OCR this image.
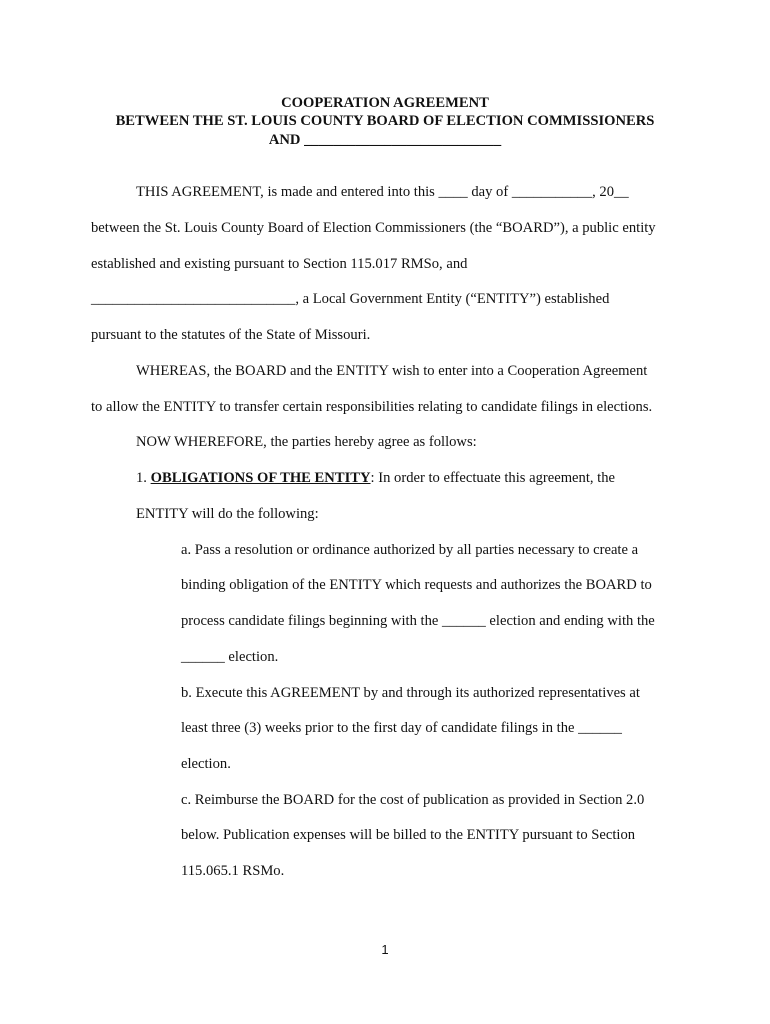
COOPERATION AGREEMENT
BETWEEN THE ST. LOUIS COUNTY BOARD OF ELECTION COMMISSIONERS
AND ___________________________
THIS AGREEMENT, is made and entered into this ____ day of ___________, 20__
between the St. Louis County Board of Election Commissioners (the “BOARD”), a public entity
established and existing pursuant to Section 115.017 RMSo, and
____________________________, a Local Government Entity (“ENTITY”) established
pursuant to the statutes of the State of Missouri.
WHEREAS, the BOARD and the ENTITY wish to enter into a Cooperation Agreement
to allow the ENTITY to transfer certain responsibilities relating to candidate filings in elections.
NOW WHEREFORE, the parties hereby agree as follows:
1. OBLIGATIONS OF THE ENTITY: In order to effectuate this agreement, the
ENTITY will do the following:
a. Pass a resolution or ordinance authorized by all parties necessary to create a
binding obligation of the ENTITY which requests and authorizes the BOARD to
process candidate filings beginning with the ______ election and ending with the
______ election.
b. Execute this AGREEMENT by and through its authorized representatives at
least three (3) weeks prior to the first day of candidate filings in the ______
election.
c. Reimburse the BOARD for the cost of publication as provided in Section 2.0
below. Publication expenses will be billed to the ENTITY pursuant to Section
115.065.1 RSMo.
1
